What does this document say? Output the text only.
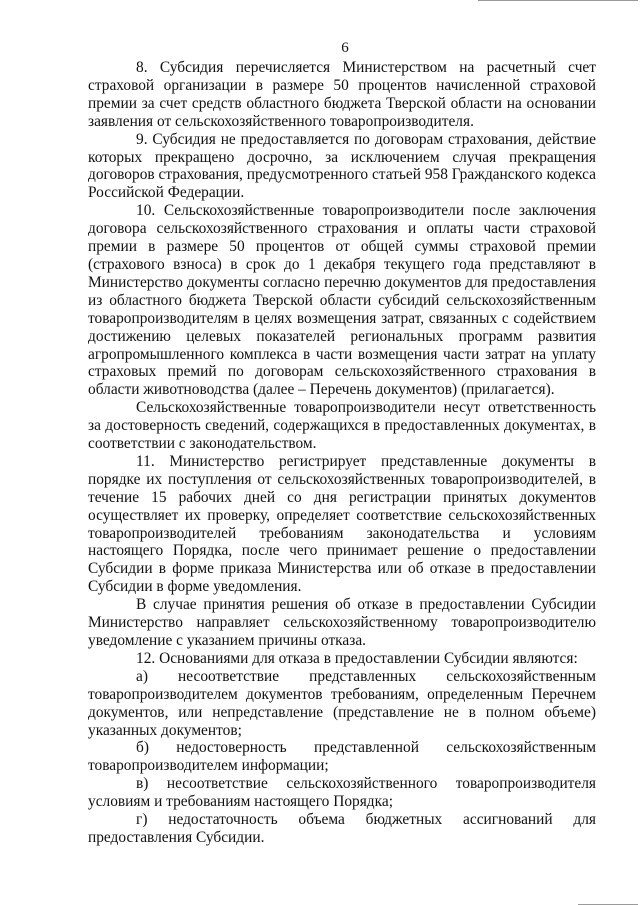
6

8. Субсидия перечисляется Министерством на расчетный счет страховой организации в размере 50 процентов начисленной страховой премии за счет средств областного бюджета Тверской области на основании заявления от сельскохозяйственного товаропроизводителя.

9. Субсидия не предоставляется по договорам страхования, действие которых прекращено досрочно, за исключением случая прекращения договоров страхования, предусмотренного статьей 958 Гражданского кодекса Российской Федерации.

10. Сельскохозяйственные товаропроизводители после заключения договора сельскохозяйственного страхования и оплаты части страховой премии в размере 50 процентов от общей суммы страховой премии (страхового взноса) в срок до 1 декабря текущего года представляют в Министерство документы согласно перечню документов для предоставления из областного бюджета Тверской области субсидий сельскохозяйственным товаропроизводителям в целях возмещения затрат, связанных с содействием достижению целевых показателей региональных программ развития агропромышленного комплекса в части возмещения части затрат на уплату страховых премий по договорам сельскохозяйственного страхования в области животноводства (далее – Перечень документов) (прилагается).

Сельскохозяйственные товаропроизводители несут ответственность за достоверность сведений, содержащихся в предоставленных документах, в соответствии с законодательством.

11. Министерство регистрирует представленные документы в порядке их поступления от сельскохозяйственных товаропроизводителей, в течение 15 рабочих дней со дня регистрации принятых документов осуществляет их проверку, определяет соответствие сельскохозяйственных товаропроизводителей требованиям законодательства и условиям настоящего Порядка, после чего принимает решение о предоставлении Субсидии в форме приказа Министерства или об отказе в предоставлении Субсидии в форме уведомления.

В случае принятия решения об отказе в предоставлении Субсидии Министерство направляет сельскохозяйственному товаропроизводителю уведомление с указанием причины отказа.

12. Основаниями для отказа в предоставлении Субсидии являются:

а) несоответствие представленных сельскохозяйственным товаропроизводителем документов требованиям, определенным Перечнем документов, или непредставление (представление не в полном объеме) указанных документов;

б) недостоверность представленной сельскохозяйственным товаропроизводителем информации;

в) несоответствие сельскохозяйственного товаропроизводителя условиям и требованиям настоящего Порядка;

г) недостаточность объема бюджетных ассигнований для предоставления Субсидии.
